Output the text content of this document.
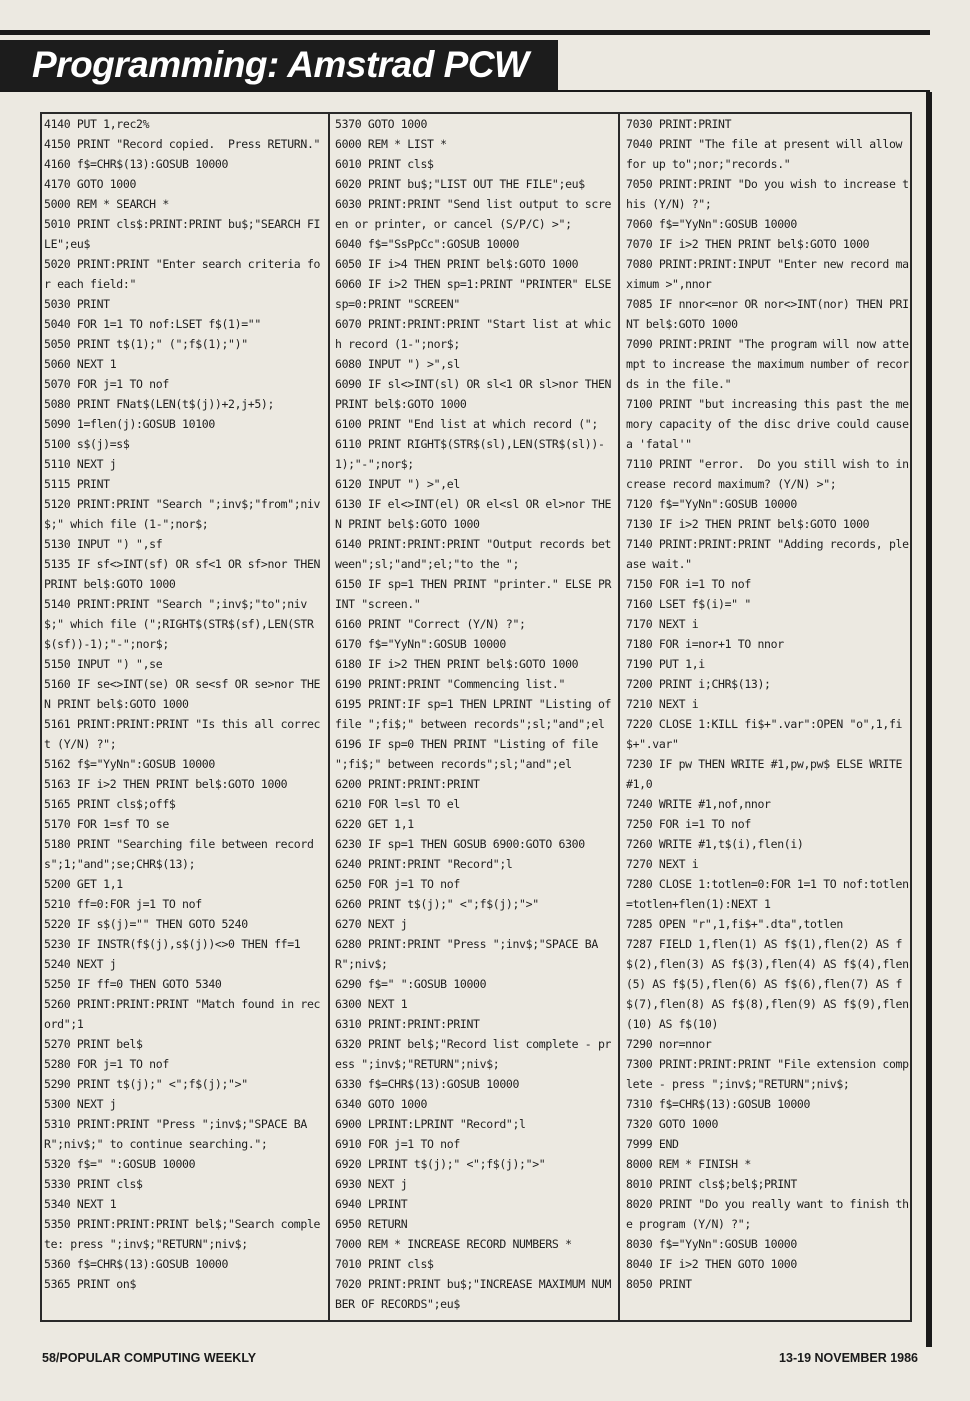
Programming: Amstrad PCW
4140 PUT 1,rec2%
4150 PRINT "Record copied.  Press RETURN."
4160 f$=CHR$(13):GOSUB 10000
4170 GOTO 1000
5000 REM * SEARCH *
5010 PRINT cls$:PRINT:PRINT bu$;"SEARCH FILE";eu$
5020 PRINT:PRINT "Enter search criteria for each field:"
5030 PRINT
5040 FOR 1=1 TO nof:LSET f$(1)=""
5050 PRINT t$(1);" (";f$(1);")"
5060 NEXT 1
5070 FOR j=1 TO nof
5080 PRINT FNat$(LEN(t$(j))+2,j+5);
5090 1=flen(j):GOSUB 10100
5100 s$(j)=s$
5110 NEXT j
5115 PRINT
5120 PRINT:PRINT "Search ";inv$;"from";niv$;" which file (1-";nor$;
5130 INPUT ") ",sf
5135 IF sf<>INT(sf) OR sf<1 OR sf>nor THEN PRINT bel$:GOTO 1000
5140 PRINT:PRINT "Search ";inv$;"to";niv$;" which file (";RIGHT$(STR$(sf),LEN(STR$(sf))-1);"-";nor$;
5150 INPUT ") ",se
5160 IF se<>INT(se) OR se<sf OR se>nor THEN PRINT bel$:GOTO 1000
5161 PRINT:PRINT:PRINT "Is this all correct (Y/N) ?";
5162 f$="YyNn":GOSUB 10000
5163 IF i>2 THEN PRINT bel$:GOTO 1000
5165 PRINT cls$;off$
5170 FOR 1=sf TO se
5180 PRINT "Searching file between records";1;"and";se;CHR$(13);
5200 GET 1,1
5210 ff=0:FOR j=1 TO nof
5220 IF s$(j)="" THEN GOTO 5240
5230 IF INSTR(f$(j),s$(j))<>0 THEN ff=1
5240 NEXT j
5250 IF ff=0 THEN GOTO 5340
5260 PRINT:PRINT:PRINT "Match found in record";1
5270 PRINT bel$
5280 FOR j=1 TO nof
5290 PRINT t$(j);" <";f$(j);">"
5300 NEXT j
5310 PRINT:PRINT "Press ";inv$;"SPACE BAR";niv$;" to continue searching.";
5320 f$=" ":GOSUB 10000
5330 PRINT cls$
5340 NEXT 1
5350 PRINT:PRINT:PRINT bel$;"Search complete: press ";inv$;"RETURN";niv$;
5360 f$=CHR$(13):GOSUB 10000
5365 PRINT on$
5370 GOTO 1000
6000 REM * LIST *
6010 PRINT cls$
6020 PRINT bu$;"LIST OUT THE FILE";eu$
6030 PRINT:PRINT "Send list output to screen or printer, or cancel (S/P/C) >";
6040 f$="SsPpCc":GOSUB 10000
6050 IF i>4 THEN PRINT bel$:GOTO 1000
6060 IF i>2 THEN sp=1:PRINT "PRINTER" ELSE sp=0:PRINT "SCREEN"
6070 PRINT:PRINT:PRINT "Start list at which record (1-";nor$;
6080 INPUT ") >",sl
6090 IF sl<>INT(sl) OR sl<1 OR sl>nor THEN PRINT bel$:GOTO 1000
6100 PRINT "End list at which record (";
6110 PRINT RIGHT$(STR$(sl),LEN(STR$(sl))-1);"-";nor$;
6120 INPUT ") >",el
6130 IF el<>INT(el) OR el<sl OR el>nor THEN PRINT bel$:GOTO 1000
6140 PRINT:PRINT:PRINT "Output records between";sl;"and";el;"to the ";
6150 IF sp=1 THEN PRINT "printer." ELSE PRINT "screen."
6160 PRINT "Correct (Y/N) ?";
6170 f$="YyNn":GOSUB 10000
6180 IF i>2 THEN PRINT bel$:GOTO 1000
6190 PRINT:PRINT "Commencing list."
6195 PRINT:IF sp=1 THEN LPRINT "Listing of file ";fi$;" between records";sl;"and";el
6196 IF sp=0 THEN PRINT "Listing of file ";fi$;" between records";sl;"and";el
6200 PRINT:PRINT:PRINT
6210 FOR l=sl TO el
6220 GET 1,1
6230 IF sp=1 THEN GOSUB 6900:GOTO 6300
6240 PRINT:PRINT "Record";l
6250 FOR j=1 TO nof
6260 PRINT t$(j);" <";f$(j);">"
6270 NEXT j
6280 PRINT:PRINT "Press ";inv$;"SPACE BAR";niv$;
6290 f$=" ":GOSUB 10000
6300 NEXT 1
6310 PRINT:PRINT:PRINT
6320 PRINT bel$;"Record list complete - press ";inv$;"RETURN";niv$;
6330 f$=CHR$(13):GOSUB 10000
6340 GOTO 1000
6900 LPRINT:LPRINT "Record";l
6910 FOR j=1 TO nof
6920 LPRINT t$(j);" <";f$(j);">"
6930 NEXT j
6940 LPRINT
6950 RETURN
7000 REM * INCREASE RECORD NUMBERS *
7010 PRINT cls$
7020 PRINT:PRINT bu$;"INCREASE MAXIMUM NUMBER OF RECORDS";eu$
7030 PRINT:PRINT
7040 PRINT "The file at present will allow for up to";nor;"records."
7050 PRINT:PRINT "Do you wish to increase this (Y/N) ?";
7060 f$="YyNn":GOSUB 10000
7070 IF i>2 THEN PRINT bel$:GOTO 1000
7080 PRINT:PRINT:INPUT "Enter new record maximum >",nnor
7085 IF nnor<=nor OR nor<>INT(nor) THEN PRINT bel$:GOTO 1000
7090 PRINT:PRINT "The program will now attempt to increase the maximum number of records in the file."
7100 PRINT "but increasing this past the memory capacity of the disc drive could cause a 'fatal'"
7110 PRINT "error.  Do you still wish to increase record maximum? (Y/N) >";
7120 f$="YyNn":GOSUB 10000
7130 IF i>2 THEN PRINT bel$:GOTO 1000
7140 PRINT:PRINT:PRINT "Adding records, please wait."
7150 FOR i=1 TO nof
7160 LSET f$(i)=" "
7170 NEXT i
7180 FOR i=nor+1 TO nnor
7190 PUT 1,i
7200 PRINT i;CHR$(13);
7210 NEXT i
7220 CLOSE 1:KILL fi$+".var":OPEN "o",1,fi$+".var"
7230 IF pw THEN WRITE #1,pw,pw$ ELSE WRITE #1,0
7240 WRITE #1,nof,nnor
7250 FOR i=1 TO nof
7260 WRITE #1,t$(i),flen(i)
7270 NEXT i
7280 CLOSE 1:totlen=0:FOR 1=1 TO nof:totlen=totlen+flen(1):NEXT 1
7285 OPEN "r",1,fi$+".dta",totlen
7287 FIELD 1,flen(1) AS f$(1),flen(2) AS f$(2),flen(3) AS f$(3),flen(4) AS f$(4),flen(5) AS f$(5),flen(6) AS f$(6),flen(7) AS f$(7),flen(8) AS f$(8),flen(9) AS f$(9),flen(10) AS f$(10)
7290 nor=nnor
7300 PRINT:PRINT:PRINT "File extension complete - press ";inv$;"RETURN";niv$;
7310 f$=CHR$(13):GOSUB 10000
7320 GOTO 1000
7999 END
8000 REM * FINISH *
8010 PRINT cls$;bel$;PRINT
8020 PRINT "Do you really want to finish the program (Y/N) ?";
8030 f$="YyNn":GOSUB 10000
8040 IF i>2 THEN GOTO 1000
8050 PRINT
58/POPULAR COMPUTING WEEKLY	13-19 NOVEMBER 1986
